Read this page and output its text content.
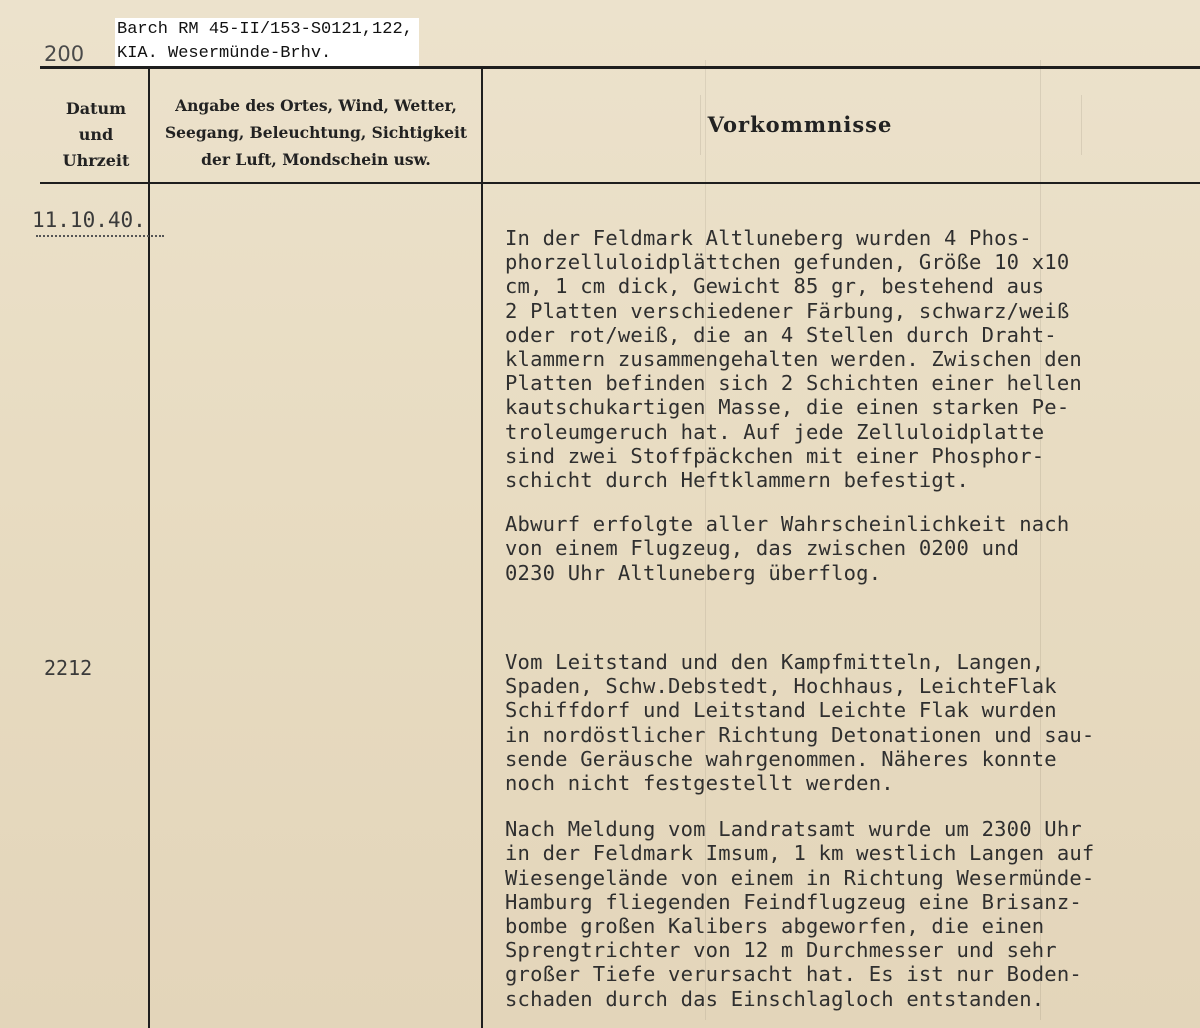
Barch RM 45-II/153-S0121,122,
KIA. Wesermünde-Brhv.
200
Datum
und
Uhrzeit
Angabe des Ortes, Wind, Wetter,
Seegang, Beleuchtung, Sichtigkeit
der Luft, Mondschein usw.
Vorkommnisse
11.10.40.
In der Feldmark Altluneberg wurden 4 Phos-
phorzelluloidplättchen gefunden, Größe 10 x10
cm, 1 cm dick, Gewicht 85 gr, bestehend aus
2 Platten verschiedener Färbung, schwarz/weiß
oder rot/weiß, die an 4 Stellen durch Draht-
klammern zusammengehalten werden. Zwischen den
Platten befinden sich 2 Schichten einer hellen
kautschukartigen Masse, die einen starken Pe-
troleumgeruch hat. Auf jede Zelluloidplatte
sind zwei Stoffpäckchen mit einer Phosphor-
schicht durch Heftklammern befestigt.
Abwurf erfolgte aller Wahrscheinlichkeit nach
von einem Flugzeug, das zwischen 0200 und
0230 Uhr Altluneberg überflog.
2212	Vom Leitstand und den Kampfmitteln, Langen,
Spaden, Schw.Debstedt, Hochhaus, LeichteFlak
Schiffdorf und Leitstand Leichte Flak wurden
in nordöstlicher Richtung Detonationen und sau-
sende Geräusche wahrgenommen. Näheres konnte
noch nicht festgestellt werden.
Nach Meldung vom Landratsamt wurde um 2300 Uhr
in der Feldmark Imsum, 1 km westlich Langen auf
Wiesengelände von einem in Richtung Wesermünde-
Hamburg fliegenden Feindflugzeug eine Brisanz-
bombe großen Kalibers abgeworfen, die einen
Sprengtrichter von 12 m Durchmesser und sehr
großer Tiefe verursacht hat. Es ist nur Boden-
schaden durch das Einschlagloch entstanden.
